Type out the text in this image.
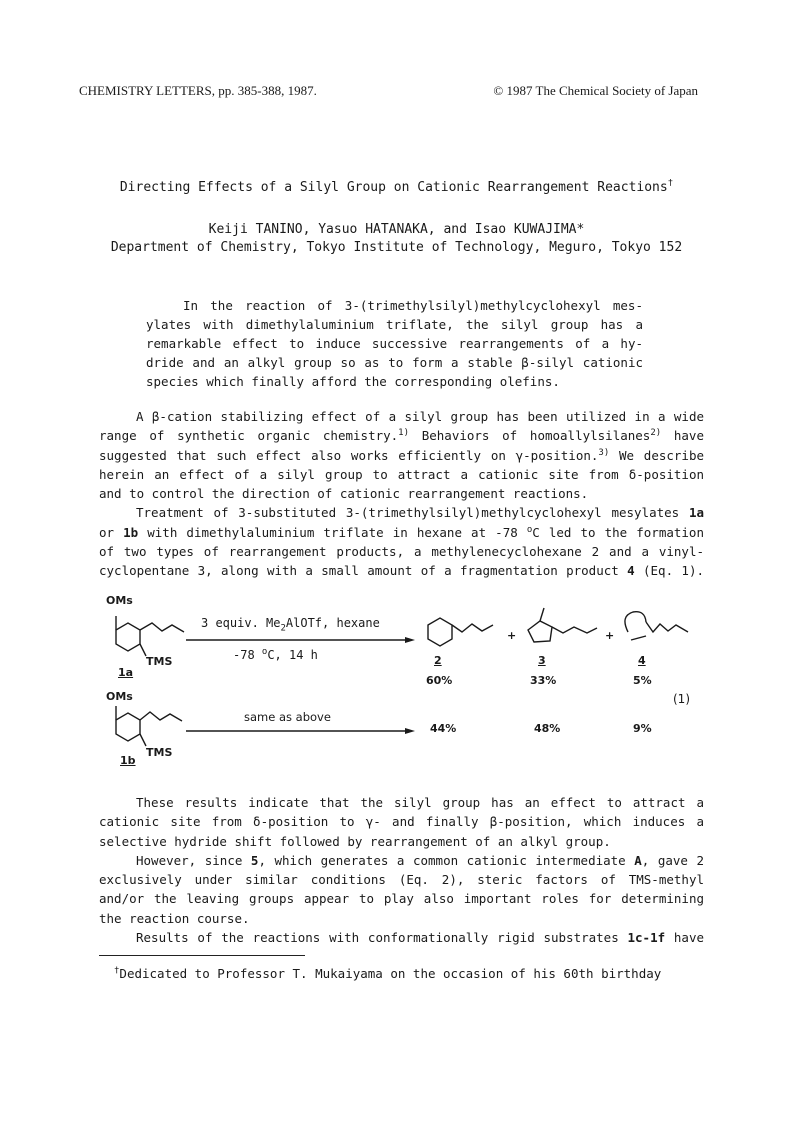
CHEMISTRY LETTERS, pp. 385-388, 1987.	© 1987 The Chemical Society of Japan
Directing Effects of a Silyl Group on Cationic Rearrangement Reactions†
Keiji TANINO, Yasuo HATANAKA, and Isao KUWAJIMA*
Department of Chemistry, Tokyo Institute of Technology, Meguro, Tokyo 152
In the reaction of 3-(trimethylsilyl)methylcyclohexyl mes-
ylates with dimethylaluminium triflate, the silyl group has a
remarkable effect to induce successive rearrangements of a hy-
dride and an alkyl group so as to form a stable β-silyl cationic
species which finally afford the corresponding olefins.
A β-cation stabilizing effect of a silyl group has been utilized in a wide
range of synthetic organic chemistry.$^{1)}$ Behaviors of homoallylsilanes$^{2)}$ have
suggested that such effect also works efficiently on γ-position.$^{3)}$ We describe
herein an effect of a silyl group to attract a cationic site from δ-position
and to control the direction of cationic rearrangement reactions.
Treatment of 3-substituted 3-(trimethylsilyl)methylcyclohexyl mesylates 1a
or 1b with dimethylaluminium triflate in hexane at -78 $^o$C led to the formation
of two types of rearrangement products, a methylenecyclohexane 2 and a vinyl-
cyclopentane 3, along with a small amount of a fragmentation product 4 (Eq. 1).
OMs
TMS
1a
OMs
TMS
1b
3 equiv. $Me_2AlOTf$, hexane
-78 $^o$C, 14 h
same as above
+	+
2	3	4
60%	33%	5%
44%	48%	9%
(1)
These results indicate that the silyl group has an effect to attract a
cationic site from δ-position to γ- and finally β-position, which induces a
selective hydride shift followed by rearrangement of an alkyl group.
However, since 5, which generates a common cationic intermediate A, gave 2
exclusively under similar conditions (Eq. 2), steric factors of TMS-methyl
and/or the leaving groups appear to play also important roles for determining
the reaction course.
Results of the reactions with conformationally rigid substrates 1c-1f have
†Dedicated to Professor T. Mukaiyama on the occasion of his 60th birthday
